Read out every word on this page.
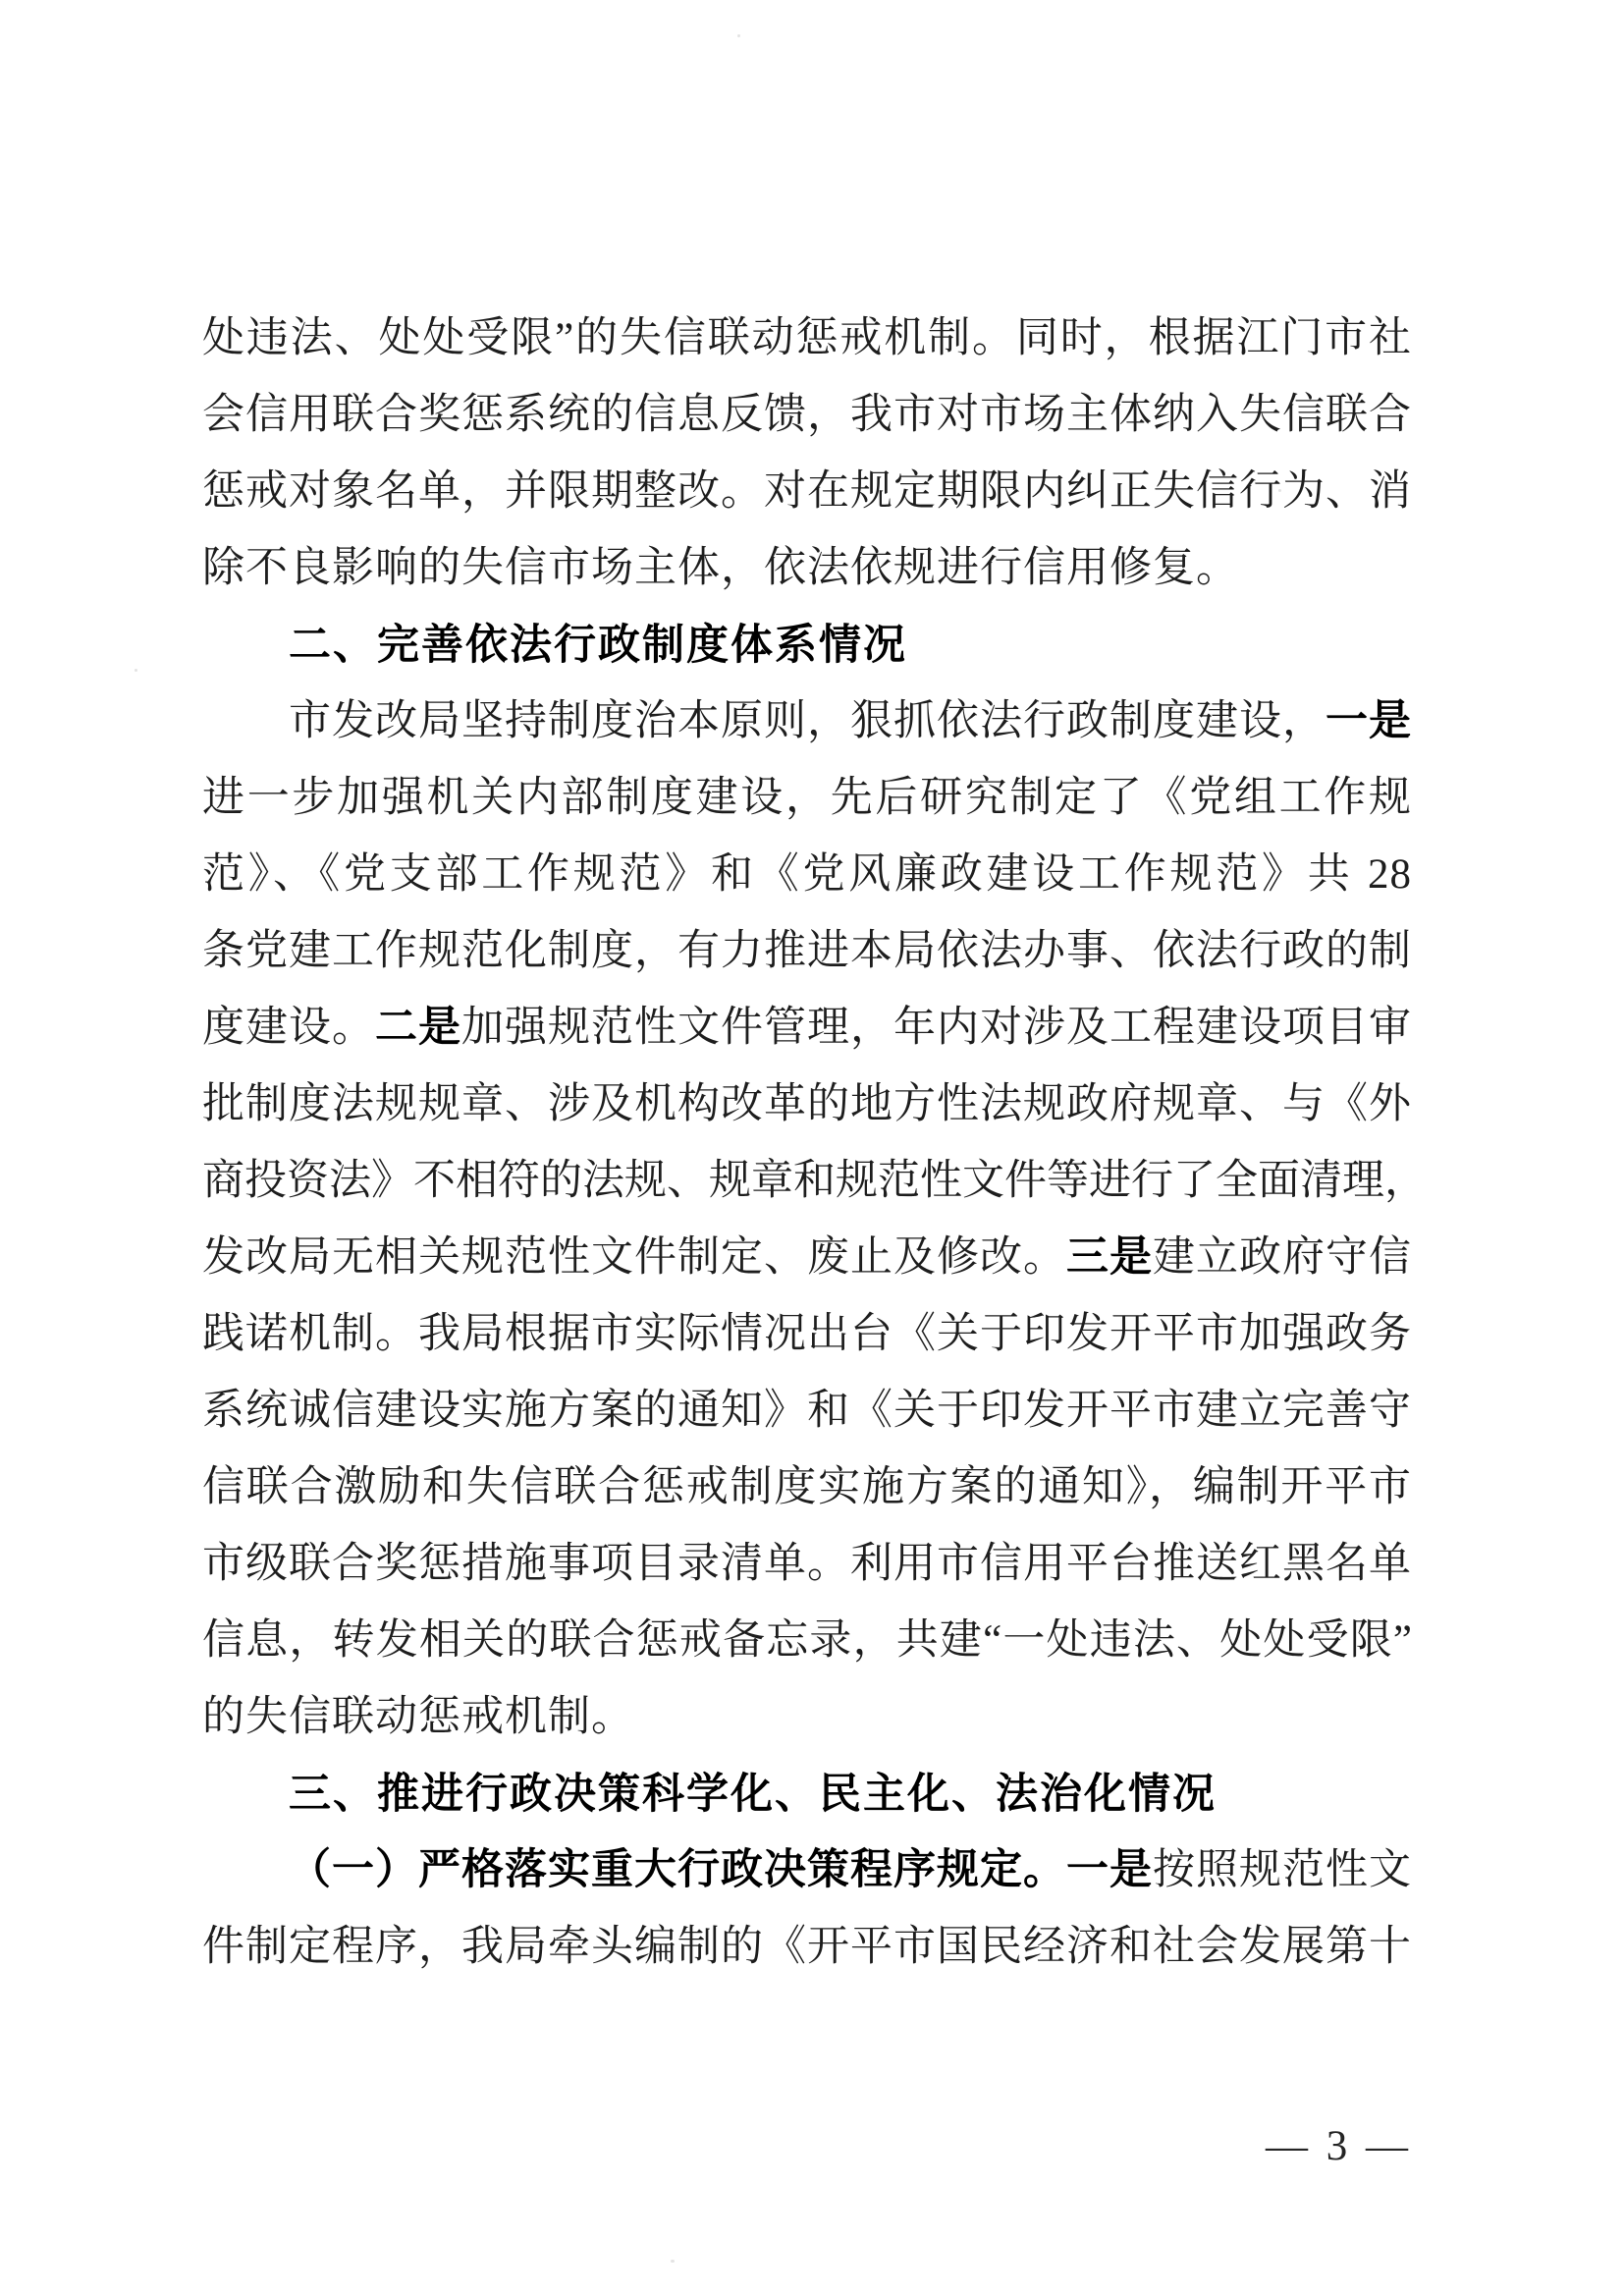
处违法、处处受限”的失信联动惩戒机制。同时，根据江门市社
会信用联合奖惩系统的信息反馈，我市对市场主体纳入失信联合
惩戒对象名单，并限期整改。对在规定期限内纠正失信行为、消
除不良影响的失信市场主体，依法依规进行信用修复。
二、完善依法行政制度体系情况
市发改局坚持制度治本原则，狠抓依法行政制度建设，一是
进一步加强机关内部制度建设，先后研究制定了《党组工作规
范》、《党支部工作规范》和《党风廉政建设工作规范》共 28
条党建工作规范化制度，有力推进本局依法办事、依法行政的制
度建设。二是加强规范性文件管理，年内对涉及工程建设项目审
批制度法规规章、涉及机构改革的地方性法规政府规章、与《外
商投资法》不相符的法规、规章和规范性文件等进行了全面清理，
发改局无相关规范性文件制定、废止及修改。三是建立政府守信
践诺机制。我局根据市实际情况出台《关于印发开平市加强政务
系统诚信建设实施方案的通知》和《关于印发开平市建立完善守
信联合激励和失信联合惩戒制度实施方案的通知》，编制开平市
市级联合奖惩措施事项目录清单。利用市信用平台推送红黑名单
信息，转发相关的联合惩戒备忘录，共建“一处违法、处处受限”
的失信联动惩戒机制。
三、推进行政决策科学化、民主化、法治化情况
（一）严格落实重大行政决策程序规定。一是按照规范性文
件制定程序，我局牵头编制的《开平市国民经济和社会发展第十
— 3 —
